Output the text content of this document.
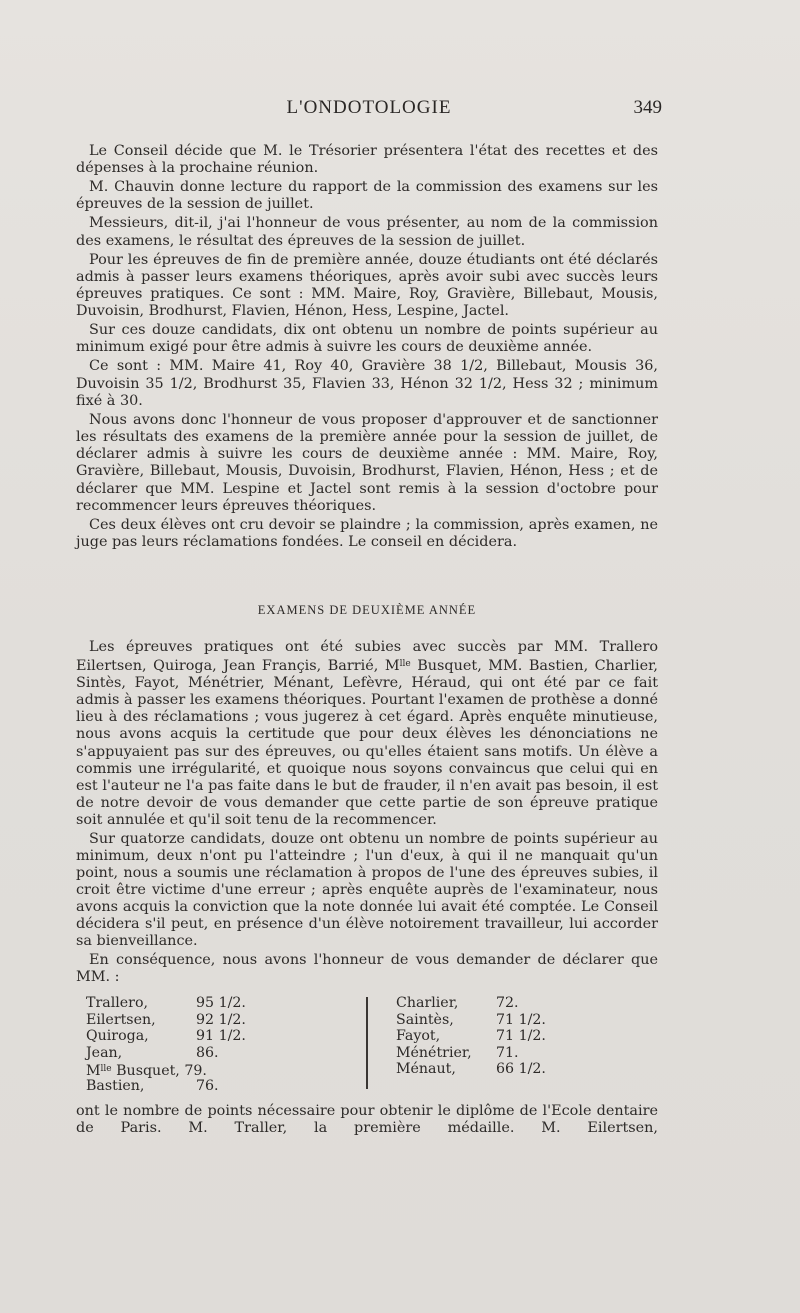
L'ONDOTOLOGIE	349

Le Conseil décide que M. le Trésorier présentera l'état des recettes et des dépenses à la prochaine réunion.

M. Chauvin donne lecture du rapport de la commission des examens sur les épreuves de la session de juillet.

Messieurs, dit-il, j'ai l'honneur de vous présenter, au nom de la commission des examens, le résultat des épreuves de la session de juillet.

Pour les épreuves de fin de première année, douze étudiants ont été déclarés admis à passer leurs examens théoriques, après avoir subi avec succès leurs épreuves pratiques. Ce sont : MM. Maire, Roy, Gravière, Billebaut, Mousis, Duvoisin, Brodhurst, Flavien, Hénon, Hess, Lespine, Jactel.

Sur ces douze candidats, dix ont obtenu un nombre de points supérieur au minimum exigé pour être admis à suivre les cours de deuxième année.

Ce sont : MM. Maire 41, Roy 40, Gravière 38 1/2, Billebaut, Mousis 36, Duvoisin 35 1/2, Brodhurst 35, Flavien 33, Hénon 32 1/2, Hess 32 ; minimum fixé à 30.

Nous avons donc l'honneur de vous proposer d'approuver et de sanctionner les résultats des examens de la première année pour la session de juillet, de déclarer admis à suivre les cours de deuxième année : MM. Maire, Roy, Gravière, Billebaut, Mousis, Duvoisin, Brodhurst, Flavien, Hénon, Hess ; et de déclarer que MM. Lespine et Jactel sont remis à la session d'octobre pour recommencer leurs épreuves théoriques.

Ces deux élèves ont cru devoir se plaindre ; la commission, après examen, ne juge pas leurs réclamations fondées. Le conseil en décidera.

EXAMENS DE DEUXIÈME ANNÉE

Les épreuves pratiques ont été subies avec succès par MM. Trallero Eilertsen, Quiroga, Jean Françis, Barrié, $M^{lle}$ Busquet, MM. Bastien, Charlier, Sintès, Fayot, Ménétrier, Ménant, Lefèvre, Héraud, qui ont été par ce fait admis à passer les examens théoriques. Pourtant l'examen de prothèse a donné lieu à des réclamations ; vous jugerez à cet égard. Après enquête minutieuse, nous avons acquis la certitude que pour deux élèves les dénonciations ne s'appuyaient pas sur des épreuves, ou qu'elles étaient sans motifs. Un élève a commis une irrégularité, et quoique nous soyons convaincus que celui qui en est l'auteur ne l'a pas faite dans le but de frauder, il n'en avait pas besoin, il est de notre devoir de vous demander que cette partie de son épreuve pratique soit annulée et qu'il soit tenu de la recommencer.

Sur quatorze candidats, douze ont obtenu un nombre de points supérieur au minimum, deux n'ont pu l'atteindre ; l'un d'eux, à qui il ne manquait qu'un point, nous a soumis une réclamation à propos de l'une des épreuves subies, il croit être victime d'une erreur ; après enquête auprès de l'examinateur, nous avons acquis la conviction que la note donnée lui avait été comptée. Le Conseil décidera s'il peut, en présence d'un élève notoirement travailleur, lui accorder sa bienveillance.

En conséquence, nous avons l'honneur de vous demander de déclarer que MM. :

Trallero,	95 1/2.
Eilertsen,	92 1/2.
Quiroga,	91 1/2.
Jean,	86.
$M^{lle}$ Busquet, 79.
Bastien,	76.
Charlier,	72.
Saintès,	71 1/2.
Fayot,	71 1/2.
Ménétrier, 71.
Ménaut,	66 1/2.
ont le nombre de points nécessaire pour obtenir le diplôme de l'Ecole dentaire de Paris. M. Traller, la première médaille. M. Eilertsen,
